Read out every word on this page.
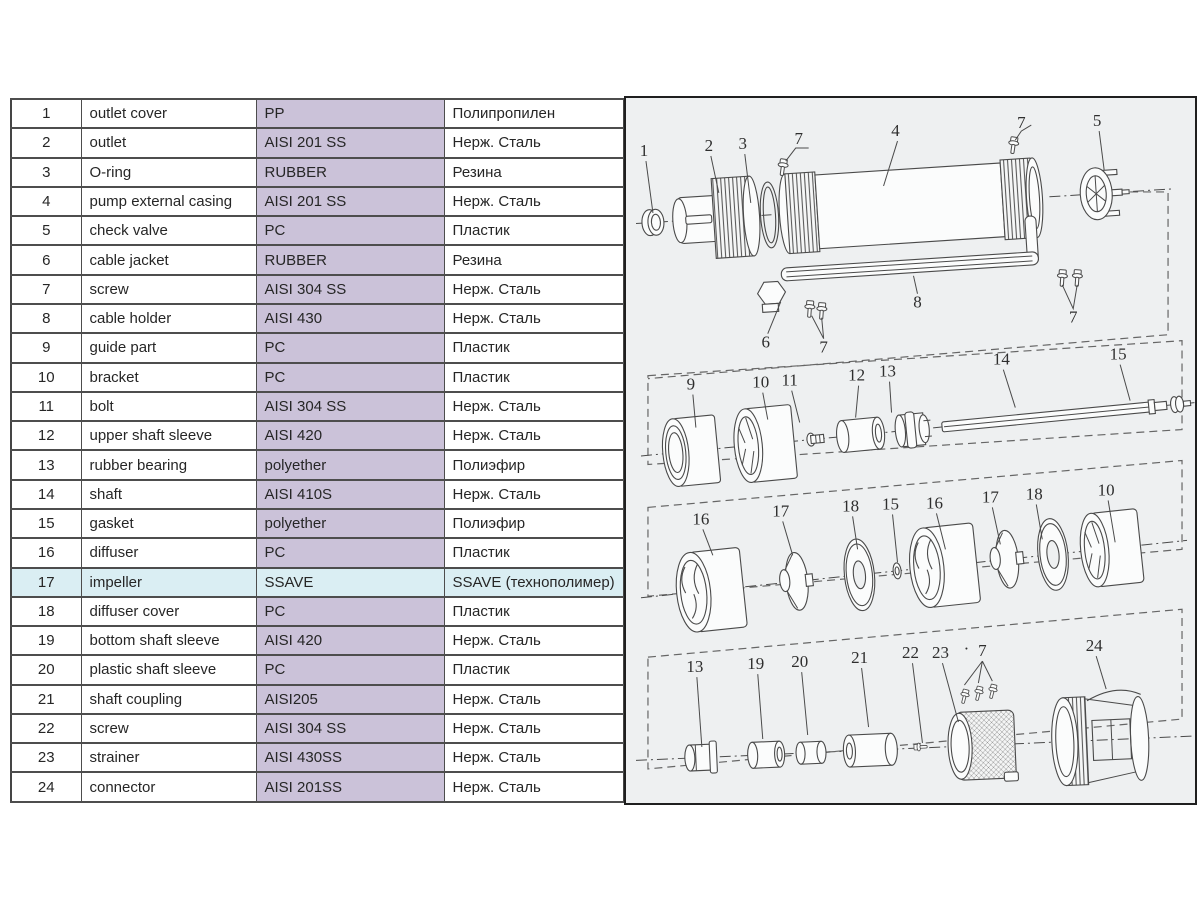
1	outlet cover	PP	Полипропилен
2	outlet	AISI 201 SS	Нерж. Сталь
3	O-ring	RUBBER	Резина
4	pump external casing	AISI 201 SS	Нерж. Сталь
5	check valve	PC	Пластик
6	cable jacket	RUBBER	Резина
7	screw	AISI 304 SS	Нерж. Сталь
8	cable holder	AISI 430	Нерж. Сталь
9	guide part	PC	Пластик
10	bracket	PC	Пластик
11	bolt	AISI 304 SS	Нерж. Сталь
12	upper shaft sleeve	AISI 420	Нерж. Сталь
13	rubber bearing	polyether	Полиэфир
14	shaft	AISI 410S	Нерж. Сталь
15	gasket	polyether	Полиэфир
16	diffuser	PC	Пластик
17	impeller	SSAVE	SSAVE (технополимер)
18	diffuser cover	PC	Пластик
19	bottom shaft sleeve	AISI 420	Нерж. Сталь
20	plastic shaft sleeve	PC	Пластик
21	shaft coupling	AISI205	Нерж. Сталь
22	screw	AISI 304 SS	Нерж. Сталь
23	strainer	AISI 430SS	Нерж. Сталь
24	connector	AISI 201SS	Нерж. Сталь
1	2 3	7	4	7	5
6	7
8
7
9	10 11	12 13
14	15
16	17	18 15 16 17 18	10
13	19 20	21 22 23 · 7	24
